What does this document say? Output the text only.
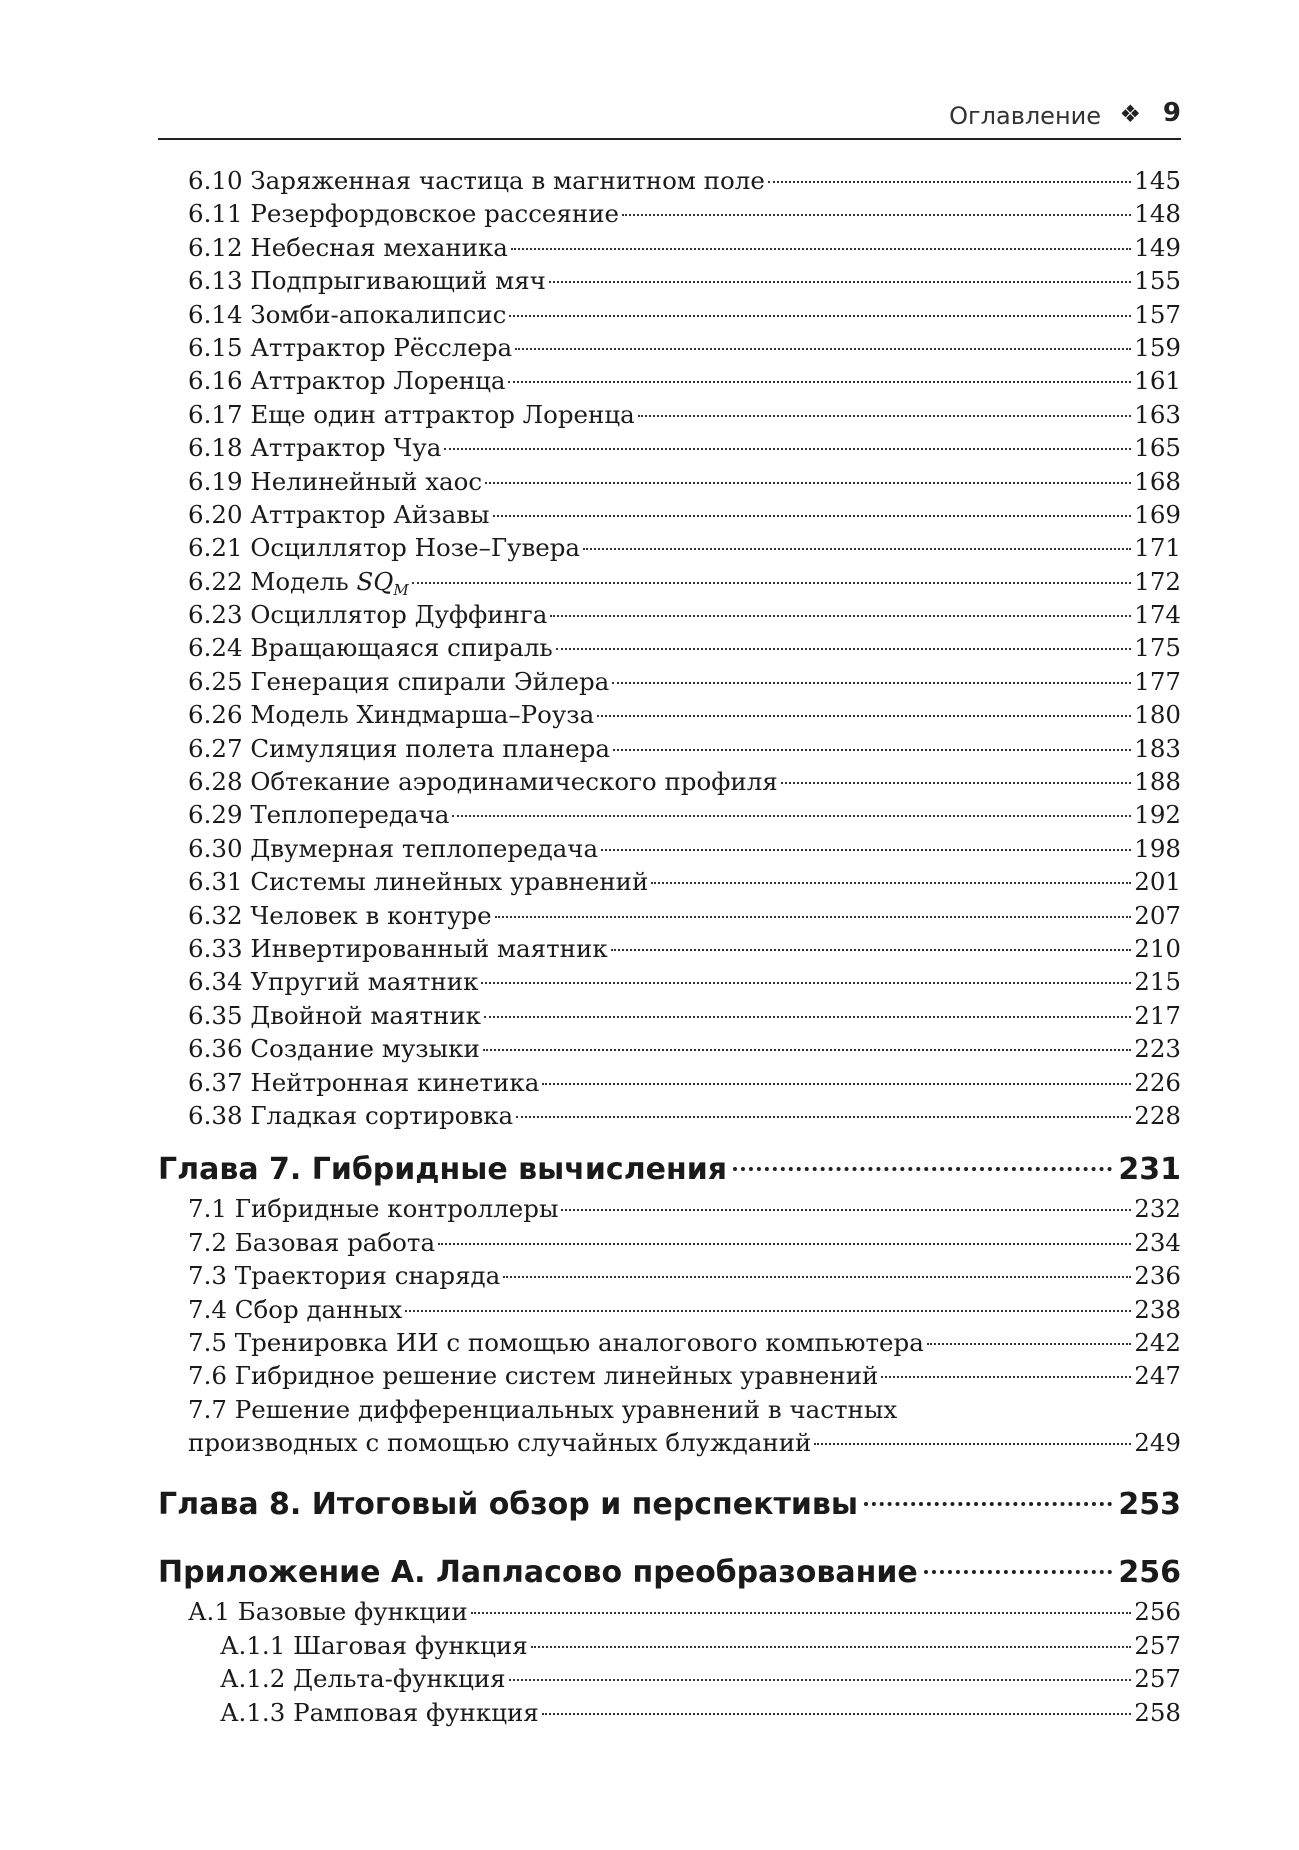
Оглавление ❖ 9
6.10 Заряженная частица в магнитном поле	145
6.11 Резерфордовское рассеяние	148
6.12 Небесная механика	149
6.13 Подпрыгивающий мяч	155
6.14 Зомби-апокалипсис	157
6.15 Аттрактор Рёсслера	159
6.16 Аттрактор Лоренца	161
6.17 Еще один аттрактор Лоренца	163
6.18 Аттрактор Чуа	165
6.19 Нелинейный хаос	168
6.20 Аттрактор Айзавы	169
6.21 Осциллятор Нозе–Гувера	171
6.22 Модель $SQ_M$	172
6.23 Осциллятор Дуффинга	174
6.24 Вращающаяся спираль	175
6.25 Генерация спирали Эйлера	177
6.26 Модель Хиндмарша–Роуза	180
6.27 Симуляция полета планера	183
6.28 Обтекание аэродинамического профиля	188
6.29 Теплопередача	192
6.30 Двумерная теплопередача	198
6.31 Системы линейных уравнений	201
6.32 Человек в контуре	207
6.33 Инвертированный маятник	210
6.34 Упругий маятник	215
6.35 Двойной маятник	217
6.36 Создание музыки	223
6.37 Нейтронная кинетика	226
6.38 Гладкая сортировка	228
Глава 7. Гибридные вычисления	231
7.1 Гибридные контроллеры	232
7.2 Базовая работа	234
7.3 Траектория снаряда	236
7.4 Сбор данных	238
7.5 Тренировка ИИ с помощью аналогового компьютера	242
7.6 Гибридное решение систем линейных уравнений	247
7.7 Решение дифференциальных уравнений в частных
производных с помощью случайных блужданий	249
Глава 8. Итоговый обзор и перспективы	253
Приложение А. Лапласово преобразование	256
А.1 Базовые функции	256
А.1.1 Шаговая функция	257
А.1.2 Дельта-функция	257
А.1.3 Рамповая функция	258
